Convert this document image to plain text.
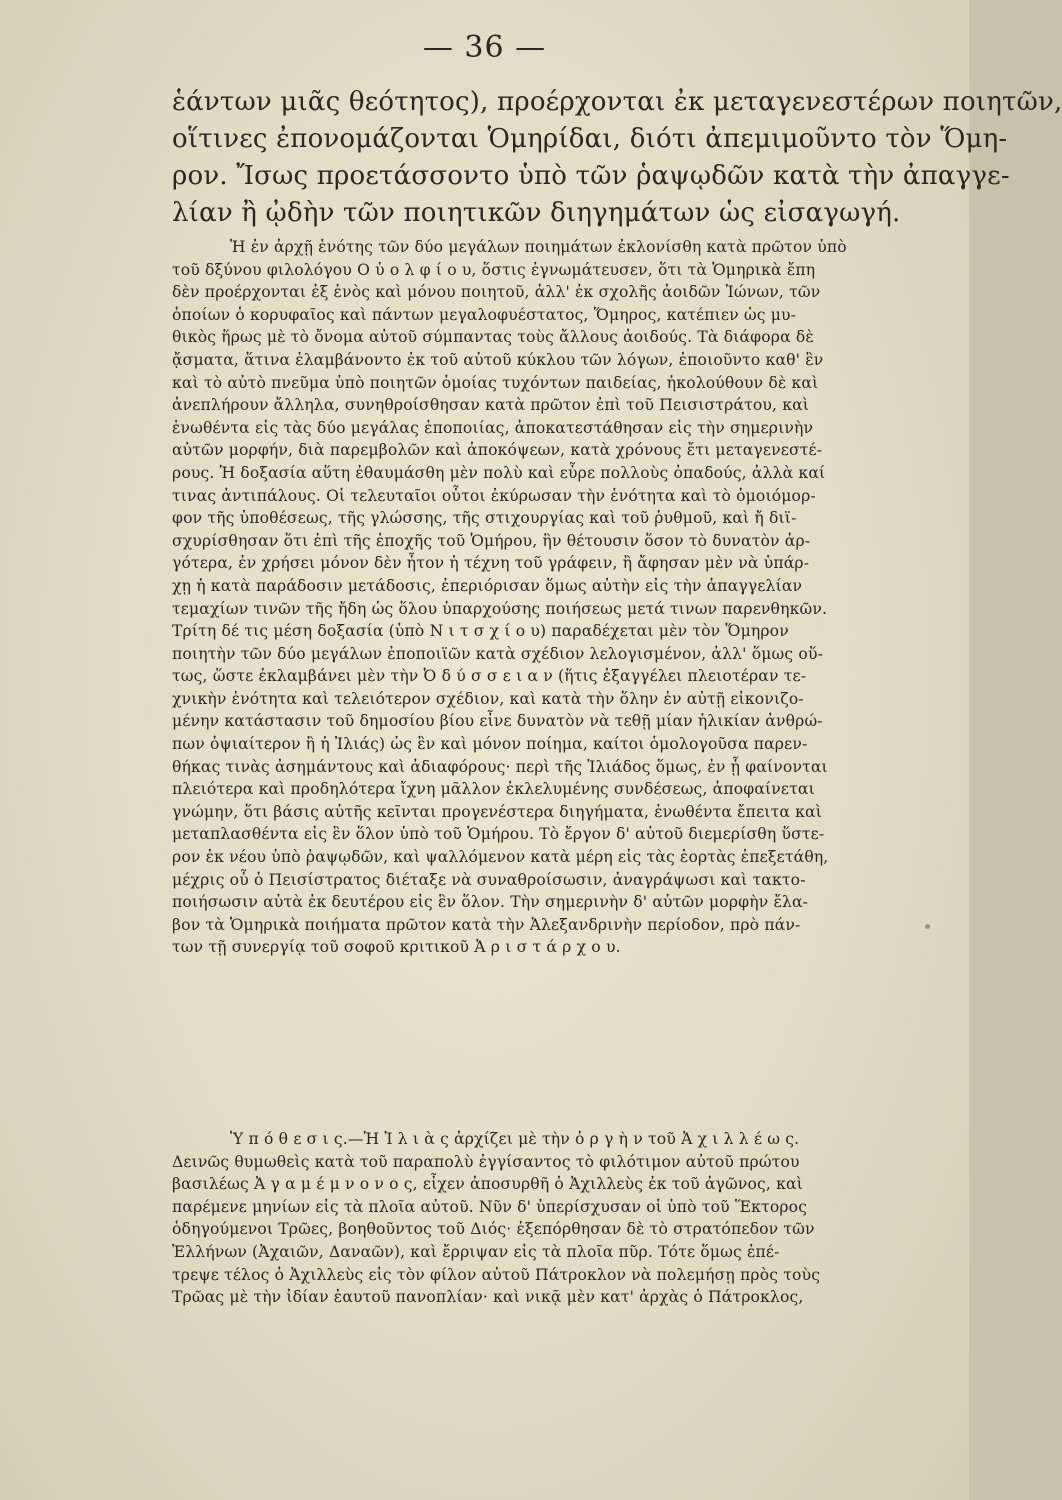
— 36 —
ἑάντων μιᾶς θεότητος), προέρχονται ἐκ μεταγενεστέρων ποιητῶν,
οἵτινες ἐπονομάζονται Ὁμηρίδαι, διότι ἀπεμιμοῦντο τὸν Ὅμη-
ρον. Ἴσως προετάσσοντο ὑπὸ τῶν ῥαψῳδῶν κατὰ τὴν ἀπαγγε-
λίαν ἢ ᾠδὴν τῶν ποιητικῶν διηγημάτων ὡς εἰσαγωγή.
Ἡ ἐν ἀρχῇ ἑνότης τῶν δύο μεγάλων ποιημάτων ἐκλονίσθη κατὰ πρῶτον ὑπὸ
τοῦ δξύνου φιλολόγου Ο ὐ ο λ φ ί ο υ, ὅστις ἐγνωμάτευσεν, ὅτι τὰ Ὁμηρικὰ ἔπη
δὲν προέρχονται ἐξ ἑνὸς καὶ μόνου ποιητοῦ, ἀλλ' ἐκ σχολῆς ἀοιδῶν Ἰώνων, τῶν
ὁποίων ὁ κορυφαῖος καὶ πάντων μεγαλοφυέστατος, Ὅμηρος, κατέπιεν ὡς μυ-
θικὸς ἥρως μὲ τὸ ὄνομα αὐτοῦ σύμπαντας τοὺς ἄλλους ἀοιδούς. Τὰ διάφορα δὲ
ᾄσματα, ἅτινα ἐλαμβάνοντο ἐκ τοῦ αὐτοῦ κύκλου τῶν λόγων, ἐποιοῦντο καθ' ἓν
καὶ τὸ αὐτὸ πνεῦμα ὑπὸ ποιητῶν ὁμοίας τυχόντων παιδείας, ἠκολούθουν δὲ καὶ
ἀνεπλήρουν ἄλληλα, συνηθροίσθησαν κατὰ πρῶτον ἐπὶ τοῦ Πεισιστράτου, καὶ
ἑνωθέντα εἰς τὰς δύο μεγάλας ἐποποιίας, ἀποκατεστάθησαν εἰς τὴν σημερινὴν
αὐτῶν μορφήν, διὰ παρεμβολῶν καὶ ἀποκόψεων, κατὰ χρόνους ἔτι μεταγενεστέ-
ρους. Ἡ δοξασία αὕτη ἐθαυμάσθη μὲν πολὺ καὶ εὗρε πολλοὺς ὀπαδούς, ἀλλὰ καί
τινας ἀντιπάλους. Οἱ τελευταῖοι οὗτοι ἐκύρωσαν τὴν ἑνότητα καὶ τὸ ὁμοιόμορ-
φον τῆς ὑποθέσεως, τῆς γλώσσης, τῆς στιχουργίας καὶ τοῦ ῥυθμοῦ, καὶ ἤ διϊ-
σχυρίσθησαν ὅτι ἐπὶ τῆς ἐποχῆς τοῦ Ὁμήρου, ἣν θέτουσιν ὅσον τὸ δυνατὸν ἀρ-
γότερα, ἐν χρήσει μόνον δὲν ἦτον ἡ τέχνη τοῦ γράφειν, ἢ ἄφησαν μὲν νὰ ὑπάρ-
χῃ ἡ κατὰ παράδοσιν μετάδοσις, ἐπεριόρισαν ὅμως αὐτὴν εἰς τὴν ἀπαγγελίαν
τεμαχίων τινῶν τῆς ἤδη ὡς ὅλου ὑπαρχούσης ποιήσεως μετά τινων παρενθηκῶν.
Τρίτη δέ τις μέση δοξασία (ὑπὸ Ν ι τ σ χ ί ο υ) παραδέχεται μὲν τὸν Ὅμηρον
ποιητὴν τῶν δύο μεγάλων ἐποποιϊῶν κατὰ σχέδιον λελογισμένον, ἀλλ' ὅμως οὕ-
τως, ὥστε ἐκλαμβάνει μὲν τὴν Ὀ δ ύ σ σ ε ι α ν (ἥτις ἐξαγγέλει πλειοτέραν τε-
χνικὴν ἑνότητα καὶ τελειότερον σχέδιον, καὶ κατὰ τὴν ὅλην ἐν αὐτῇ εἰκονιζο-
μένην κατάστασιν τοῦ δημοσίου βίου εἶνε δυνατὸν νὰ τεθῇ μίαν ἡλικίαν ἀνθρώ-
πων ὀψιαίτερον ἢ ἡ Ἰλιάς) ὡς ἓν καὶ μόνον ποίημα, καίτοι ὁμολογοῦσα παρεν-
θήκας τινὰς ἀσημάντους καὶ ἀδιαφόρους· περὶ τῆς Ἰλιάδος ὅμως, ἐν ᾗ φαίνονται
πλειότερα καὶ προδηλότερα ἴχνη μᾶλλον ἐκλελυμένης συνδέσεως, ἀποφαίνεται
γνώμην, ὅτι βάσις αὐτῆς κεῖνται προγενέστερα διηγήματα, ἑνωθέντα ἔπειτα καὶ
μεταπλασθέντα εἰς ἓν ὅλον ὑπὸ τοῦ Ὁμήρου. Τὸ ἔργον δ' αὐτοῦ διεμερίσθη ὕστε-
ρον ἐκ νέου ὑπὸ ῥαψῳδῶν, καὶ ψαλλόμενον κατὰ μέρη εἰς τὰς ἑορτὰς ἐπεξετάθη,
μέχρις οὗ ὁ Πεισίστρατος διέταξε νὰ συναθροίσωσιν, ἀναγράψωσι καὶ τακτο-
ποιήσωσιν αὐτὰ ἐκ δευτέρου εἰς ἓν ὅλον. Τὴν σημερινὴν δ' αὐτῶν μορφὴν ἔλα-
βον τὰ Ὁμηρικὰ ποιήματα πρῶτον κατὰ τὴν Ἀλεξανδρινὴν περίοδον, πρὸ πάν-
των τῇ συνεργίᾳ τοῦ σοφοῦ κριτικοῦ Ἀ ρ ι σ τ ά ρ χ ο υ.
Ὑ π ό θ ε σ ι ς.—Ἡ Ἰ λ ι ὰ ς ἀρχίζει μὲ τὴν ὀ ρ γ ὴ ν τοῦ Ἀ χ ι λ λ έ ω ς.
Δεινῶς θυμωθεὶς κατὰ τοῦ παραπολὺ ἐγγίσαντος τὸ φιλότιμον αὐτοῦ πρώτου
βασιλέως Ἀ γ α μ έ μ ν ο ν ο ς, εἶχεν ἀποσυρθῆ ὁ Ἀχιλλεὺς ἐκ τοῦ ἀγῶνος, καὶ
παρέμενε μηνίων εἰς τὰ πλοῖα αὐτοῦ. Νῦν δ' ὑπερίσχυσαν οἱ ὑπὸ τοῦ Ἕκτορος
ὁδηγούμενοι Τρῶες, βοηθοῦντος τοῦ Διός· ἐξεπόρθησαν δὲ τὸ στρατόπεδον τῶν
Ἑλλήνων (Ἀχαιῶν, Δαναῶν), καὶ ἔρριψαν εἰς τὰ πλοῖα πῦρ. Τότε ὅμως ἐπέ-
τρεψε τέλος ὁ Ἀχιλλεὺς εἰς τὸν φίλον αὐτοῦ Πάτροκλον νὰ πολεμήσῃ πρὸς τοὺς
Τρῶας μὲ τὴν ἰδίαν ἑαυτοῦ πανοπλίαν· καὶ νικᾷ μὲν κατ' ἀρχὰς ὁ Πάτροκλος,
